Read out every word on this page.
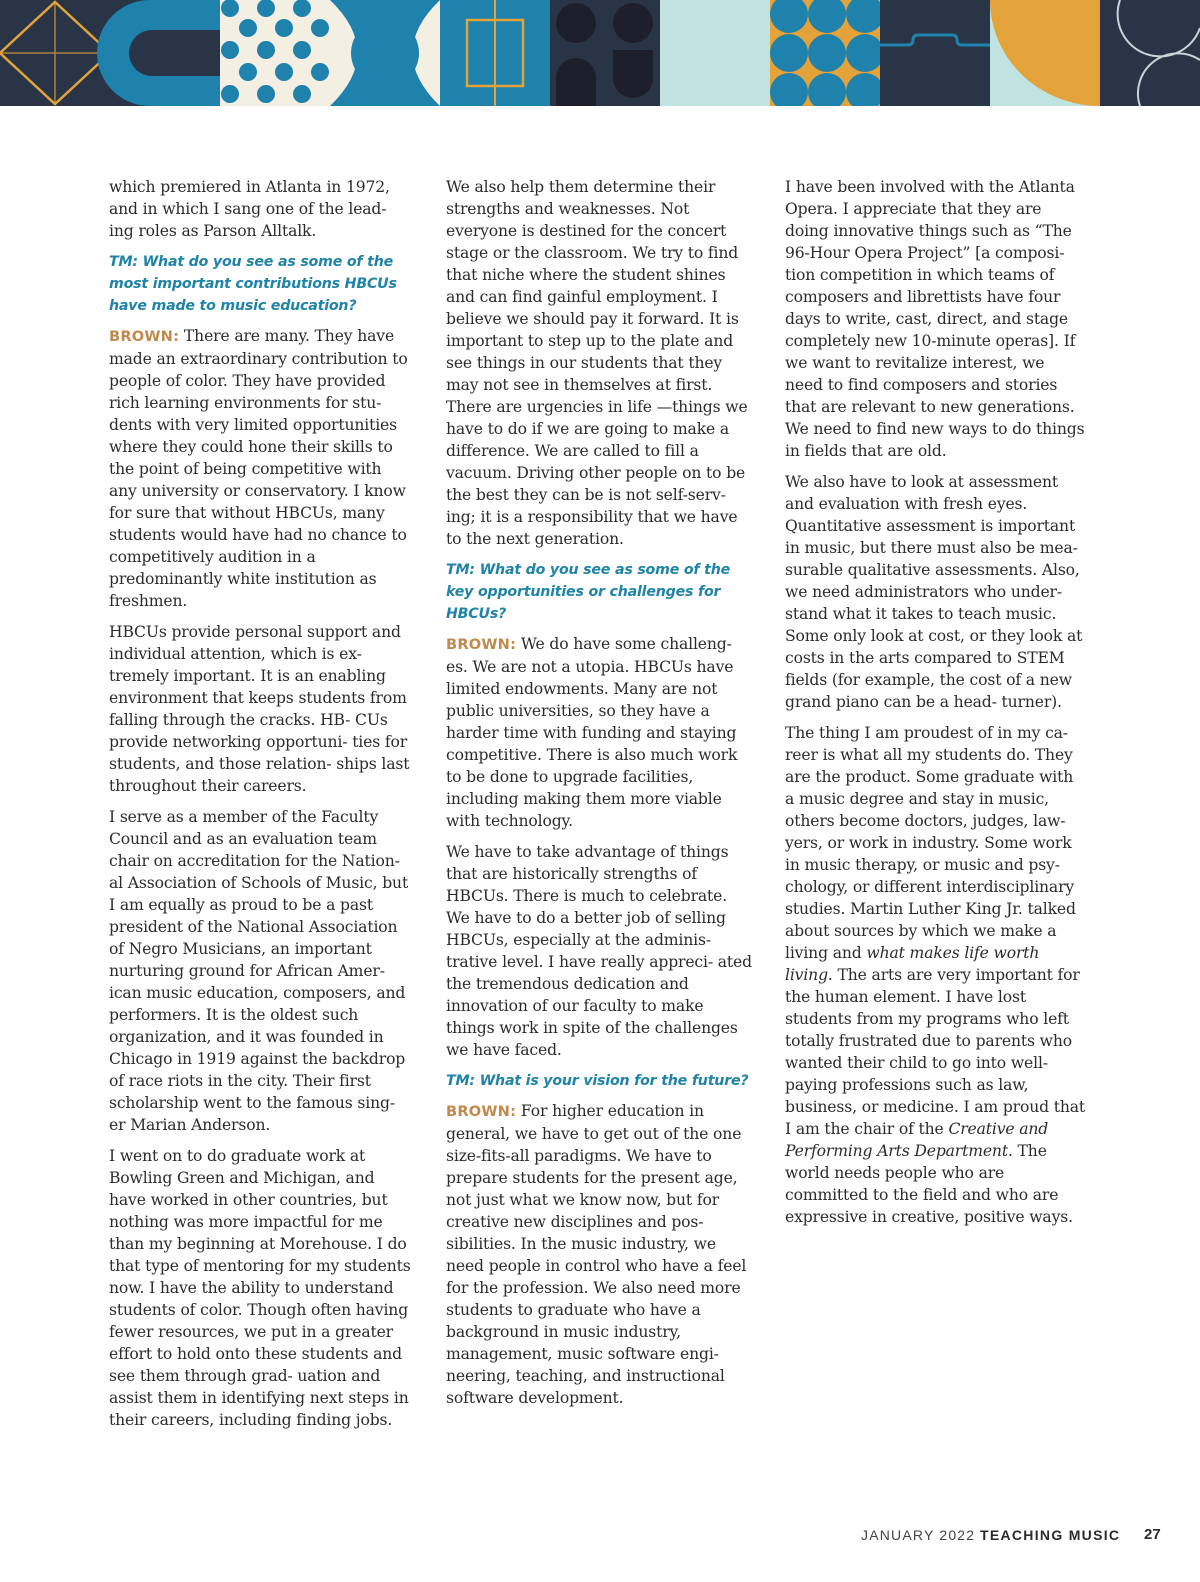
which premiered in Atlanta in 1972, and in which I sang one of the lead- ing roles as Parson Alltalk.

TM: What do you see as some of the most important contributions HBCUs have made to music education?

BROWN: There are many. They have made an extraordinary contribution to people of color. They have provided rich learning environments for stu- dents with very limited opportunities where they could hone their skills to the point of being competitive with any university or conservatory. I know for sure that without HBCUs, many students would have had no chance to competitively audition in a predominantly white institution as freshmen.

HBCUs provide personal support and individual attention, which is ex- tremely important. It is an enabling environment that keeps students from falling through the cracks. HB- CUs provide networking opportuni- ties for students, and those relation- ships last throughout their careers.

I serve as a member of the Faculty Council and as an evaluation team chair on accreditation for the Nation- al Association of Schools of Music, but I am equally as proud to be a past president of the National Association of Negro Musicians, an important nurturing ground for African Amer- ican music education, composers, and performers. It is the oldest such organization, and it was founded in Chicago in 1919 against the backdrop of race riots in the city. Their first scholarship went to the famous sing- er Marian Anderson.

I went on to do graduate work at Bowling Green and Michigan, and have worked in other countries, but nothing was more impactful for me than my beginning at Morehouse. I do that type of mentoring for my students now. I have the ability to understand students of color. Though often having fewer resources, we put in a greater effort to hold onto these students and see them through grad- uation and assist them in identifying next steps in their careers, including finding jobs.

We also help them determine their strengths and weaknesses. Not everyone is destined for the concert stage or the classroom. We try to find that niche where the student shines and can find gainful employment. I believe we should pay it forward. It is important to step up to the plate and see things in our students that they may not see in themselves at first. There are urgencies in life —things we have to do if we are going to make a difference. We are called to fill a vacuum. Driving other people on to be the best they can be is not self-serv- ing; it is a responsibility that we have to the next generation.

TM: What do you see as some of the key opportunities or challenges for HBCUs?

BROWN: We do have some challeng- es. We are not a utopia. HBCUs have limited endowments. Many are not public universities, so they have a harder time with funding and staying competitive. There is also much work to be done to upgrade facilities, including making them more viable with technology.

We have to take advantage of things that are historically strengths of HBCUs. There is much to celebrate. We have to do a better job of selling HBCUs, especially at the adminis- trative level. I have really appreci- ated the tremendous dedication and innovation of our faculty to make things work in spite of the challenges we have faced.

TM: What is your vision for the future?

BROWN: For higher education in general, we have to get out of the one size-fits-all paradigms. We have to prepare students for the present age, not just what we know now, but for creative new disciplines and pos- sibilities. In the music industry, we need people in control who have a feel for the profession. We also need more students to graduate who have a background in music industry, management, music software engi- neering, teaching, and instructional software development.

I have been involved with the Atlanta Opera. I appreciate that they are doing innovative things such as “The 96-Hour Opera Project” [a composi- tion competition in which teams of composers and librettists have four days to write, cast, direct, and stage completely new 10-minute operas]. If we want to revitalize interest, we need to find composers and stories that are relevant to new generations. We need to find new ways to do things in fields that are old.

We also have to look at assessment and evaluation with fresh eyes. Quantitative assessment is important in music, but there must also be mea- surable qualitative assessments. Also, we need administrators who under- stand what it takes to teach music. Some only look at cost, or they look at costs in the arts compared to STEM fields (for example, the cost of a new grand piano can be a head- turner).

The thing I am proudest of in my ca- reer is what all my students do. They are the product. Some graduate with a music degree and stay in music, others become doctors, judges, law- yers, or work in industry. Some work in music therapy, or music and psy- chology, or different interdisciplinary studies. Martin Luther King Jr. talked about sources by which we make a living and what makes life worth living. The arts are very important for the human element. I have lost students from my programs who left totally frustrated due to parents who wanted their child to go into well-paying professions such as law, business, or medicine. I am proud that I am the chair of the Creative and Performing Arts Department. The world needs people who are committed to the field and who are expressive in creative, positive ways.

JANUARY 2022 TEACHING MUSIC 27
